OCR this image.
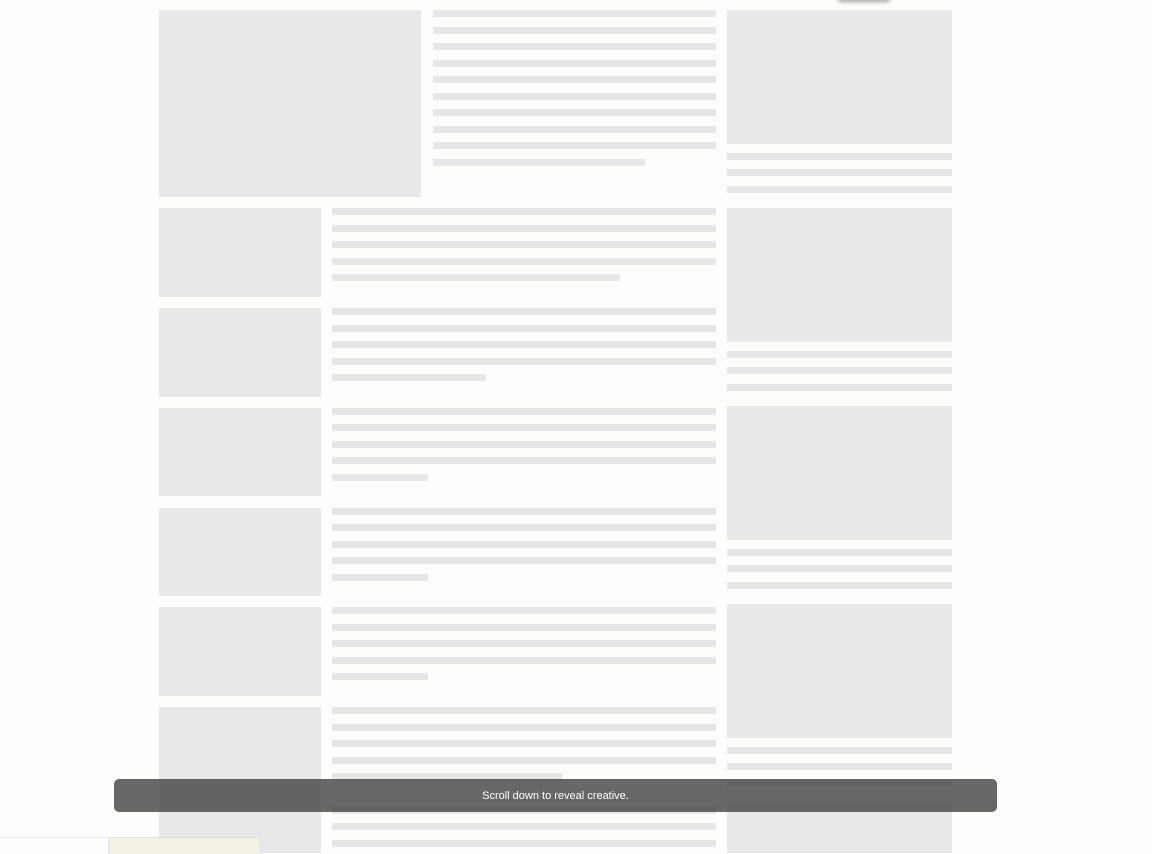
Scroll down to reveal creative.
